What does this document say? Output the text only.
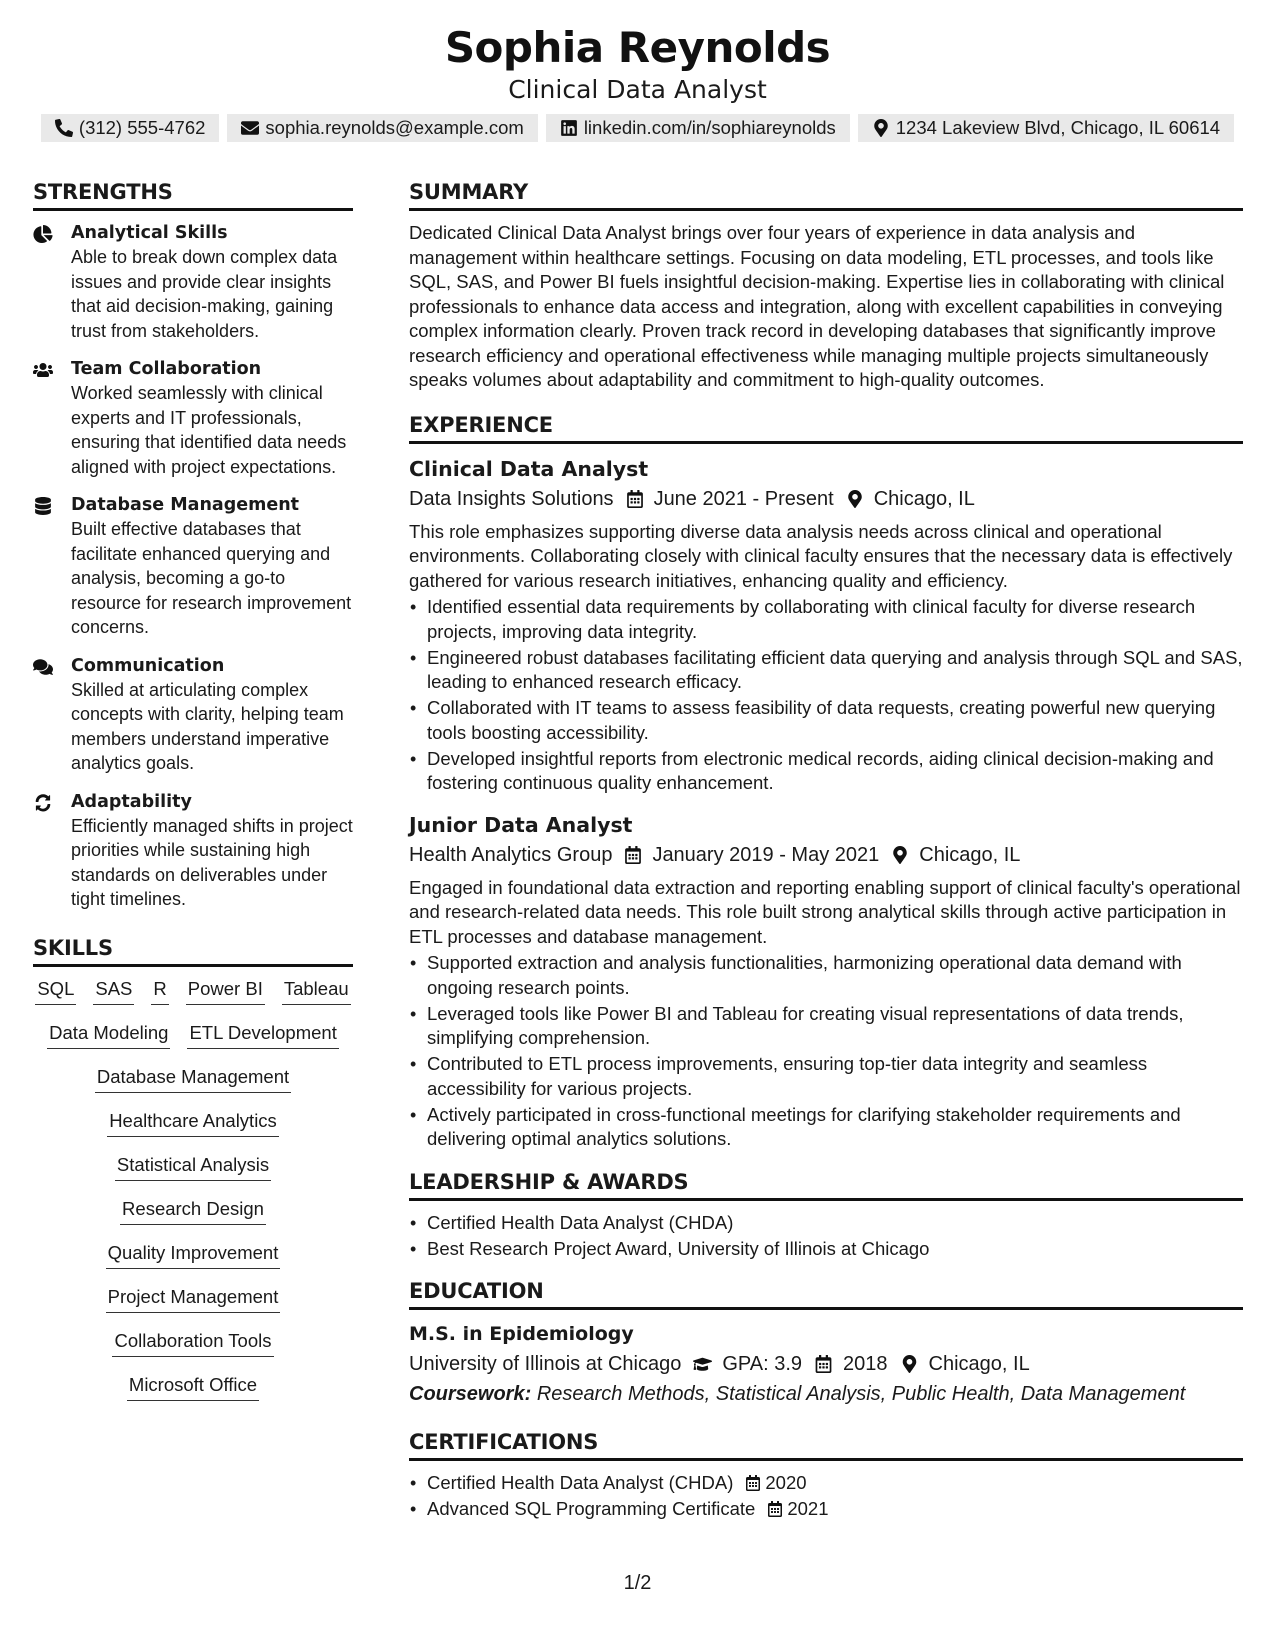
Sophia Reynolds
Clinical Data Analyst
(312) 555-4762	sophia.reynolds@example.com	linkedin.com/in/sophiareynolds	1234 Lakeview Blvd, Chicago, IL 60614
STRENGTHS
Analytical Skills
Able to break down complex data issues and provide clear insights that aid decision-making, gaining trust from stakeholders.
Team Collaboration
Worked seamlessly with clinical experts and IT professionals, ensuring that identified data needs aligned with project expectations.
Database Management
Built effective databases that facilitate enhanced querying and analysis, becoming a go-to resource for research improvement concerns.
Communication
Skilled at articulating complex concepts with clarity, helping team members understand imperative analytics goals.
Adaptability
Efficiently managed shifts in project priorities while sustaining high standards on deliverables under tight timelines.
SKILLS
SQL SAS R Power BI Tableau
Data Modeling ETL Development
Database Management
Healthcare Analytics
Statistical Analysis
Research Design
Quality Improvement
Project Management
Collaboration Tools
Microsoft Office
SUMMARY
Dedicated Clinical Data Analyst brings over four years of experience in data analysis and management within healthcare settings. Focusing on data modeling, ETL processes, and tools like SQL, SAS, and Power BI fuels insightful decision-making. Expertise lies in collaborating with clinical professionals to enhance data access and integration, along with excellent capabilities in conveying complex information clearly. Proven track record in developing databases that significantly improve research efficiency and operational effectiveness while managing multiple projects simultaneously speaks volumes about adaptability and commitment to high-quality outcomes.
EXPERIENCE
Clinical Data Analyst
Data Insights Solutions June 2021 - Present Chicago, IL
This role emphasizes supporting diverse data analysis needs across clinical and operational environments. Collaborating closely with clinical faculty ensures that the necessary data is effectively gathered for various research initiatives, enhancing quality and efficiency.
• Identified essential data requirements by collaborating with clinical faculty for diverse research projects, improving data integrity.
• Engineered robust databases facilitating efficient data querying and analysis through SQL and SAS, leading to enhanced research efficacy.
• Collaborated with IT teams to assess feasibility of data requests, creating powerful new querying tools boosting accessibility.
• Developed insightful reports from electronic medical records, aiding clinical decision-making and fostering continuous quality enhancement.
Junior Data Analyst
Health Analytics Group January 2019 - May 2021 Chicago, IL
Engaged in foundational data extraction and reporting enabling support of clinical faculty's operational and research-related data needs. This role built strong analytical skills through active participation in ETL processes and database management.
• Supported extraction and analysis functionalities, harmonizing operational data demand with ongoing research points.
• Leveraged tools like Power BI and Tableau for creating visual representations of data trends, simplifying comprehension.
• Contributed to ETL process improvements, ensuring top-tier data integrity and seamless accessibility for various projects.
• Actively participated in cross-functional meetings for clarifying stakeholder requirements and delivering optimal analytics solutions.
LEADERSHIP & AWARDS
• Certified Health Data Analyst (CHDA)
• Best Research Project Award, University of Illinois at Chicago
EDUCATION
M.S. in Epidemiology
University of Illinois at Chicago GPA: 3.9 2018 Chicago, IL
Coursework: Research Methods, Statistical Analysis, Public Health, Data Management
CERTIFICATIONS
• Certified Health Data Analyst (CHDA) 2020
• Advanced SQL Programming Certificate 2021
1/2
